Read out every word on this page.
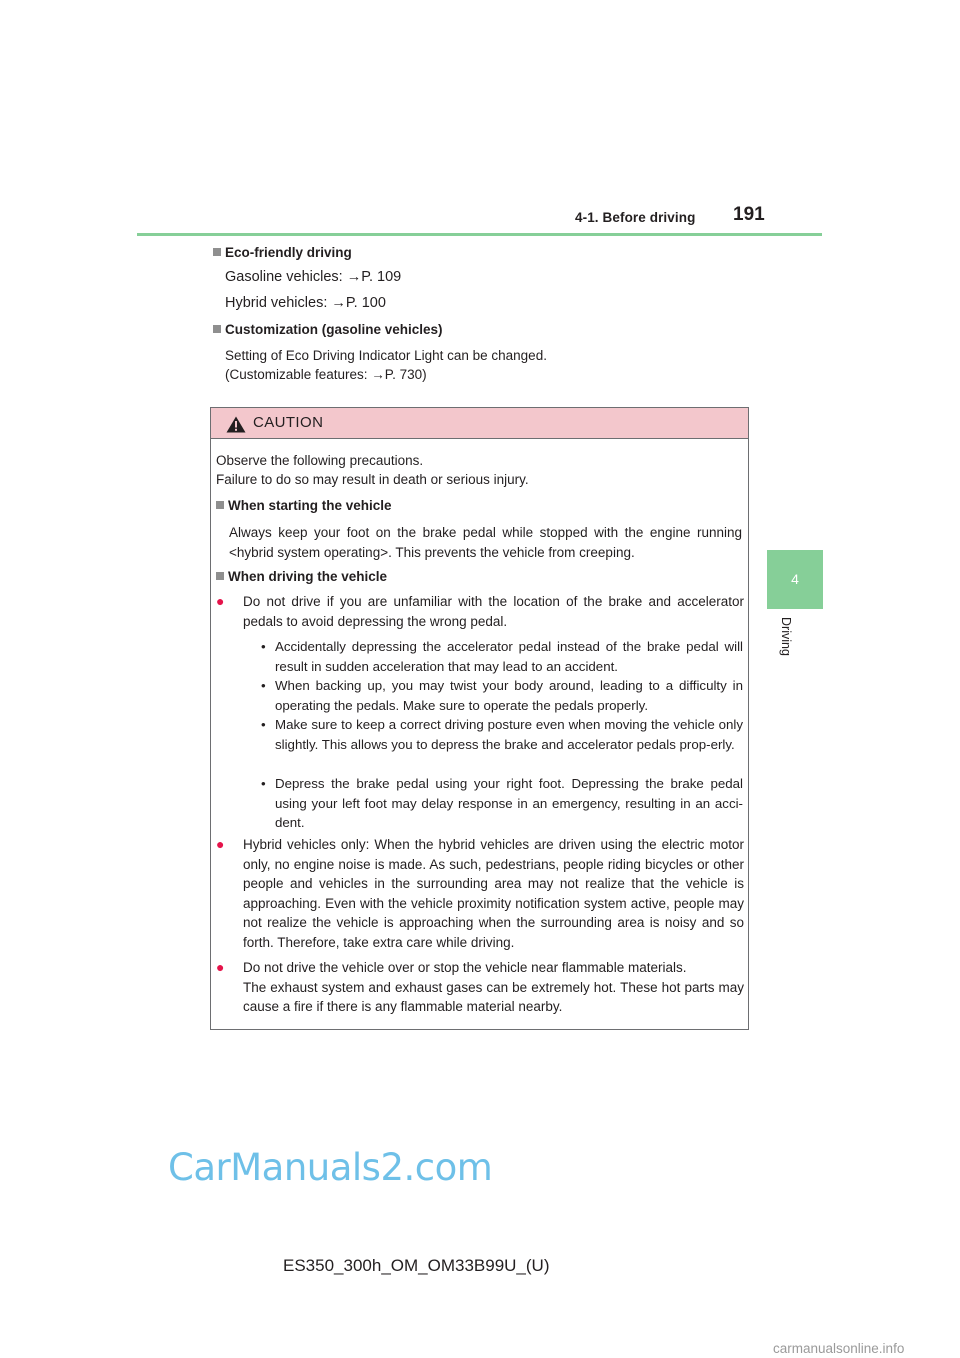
4-1. Before driving 191
4
Driving
Eco-friendly driving
Gasoline vehicles: →P. 109
Hybrid vehicles: →P. 100
Customization (gasoline vehicles)
Setting of Eco Driving Indicator Light can be changed.
(Customizable features: →P. 730)
CAUTION
Observe the following precautions.
Failure to do so may result in death or serious injury.
When starting the vehicle
Always keep your foot on the brake pedal while stopped with the engine running <hybrid system operating>. This prevents the vehicle from creeping.
When driving the vehicle
● Do not drive if you are unfamiliar with the location of the brake and accelerator pedals to avoid depressing the wrong pedal.
• Accidentally depressing the accelerator pedal instead of the brake pedal will result in sudden acceleration that may lead to an accident.
• When backing up, you may twist your body around, leading to a difficulty in operating the pedals. Make sure to operate the pedals properly.
• Make sure to keep a correct driving posture even when moving the vehicle only slightly. This allows you to depress the brake and accelerator pedals prop-erly.
• Depress the brake pedal using your right foot. Depressing the brake pedal using your left foot may delay response in an emergency, resulting in an acci-dent.
● Hybrid vehicles only: When the hybrid vehicles are driven using the electric motor only, no engine noise is made. As such, pedestrians, people riding bicycles or other people and vehicles in the surrounding area may not realize that the vehicle is approaching. Even with the vehicle proximity notification system active, people may not realize the vehicle is approaching when the surrounding area is noisy and so forth. Therefore, take extra care while driving.
● Do not drive the vehicle over or stop the vehicle near flammable materials.
The exhaust system and exhaust gases can be extremely hot. These hot parts may cause a fire if there is any flammable material nearby.
CarManuals2.com
ES350_300h_OM_OM33B99U_(U)
carmanualsonline.info
